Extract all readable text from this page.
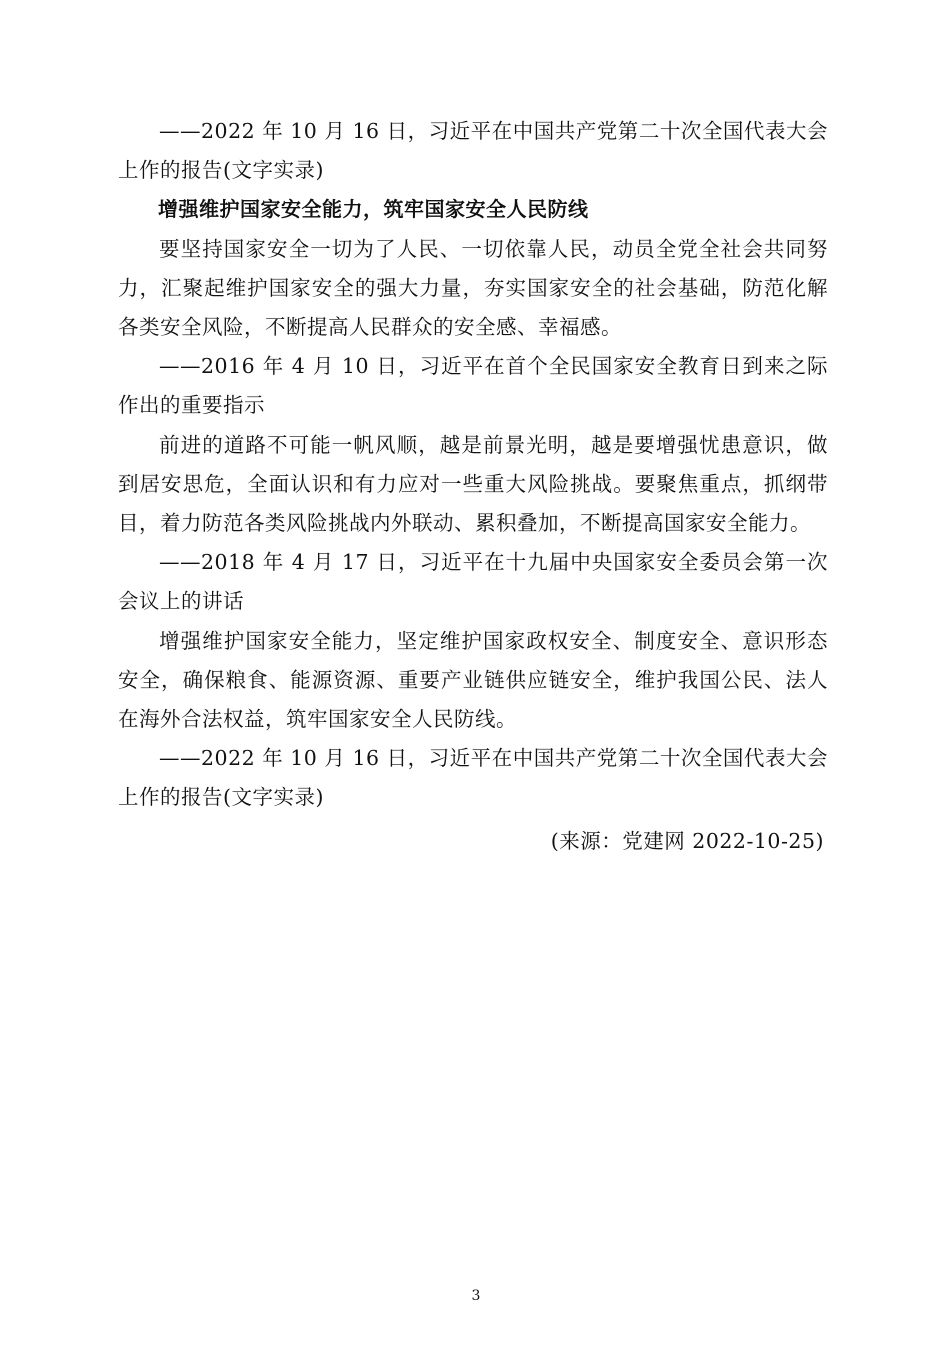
——2022 年 10 月 16 日，习近平在中国共产党第二十次全国代表大会上作的报告(文字实录)

增强维护国家安全能力，筑牢国家安全人民防线

要坚持国家安全一切为了人民、一切依靠人民，动员全党全社会共同努力，汇聚起维护国家安全的强大力量，夯实国家安全的社会基础，防范化解各类安全风险，不断提高人民群众的安全感、幸福感。

——2016 年 4 月 10 日，习近平在首个全民国家安全教育日到来之际作出的重要指示

前进的道路不可能一帆风顺，越是前景光明，越是要增强忧患意识，做到居安思危，全面认识和有力应对一些重大风险挑战。要聚焦重点，抓纲带目，着力防范各类风险挑战内外联动、累积叠加，不断提高国家安全能力。

——2018 年 4 月 17 日，习近平在十九届中央国家安全委员会第一次会议上的讲话

增强维护国家安全能力，坚定维护国家政权安全、制度安全、意识形态安全，确保粮食、能源资源、重要产业链供应链安全，维护我国公民、法人在海外合法权益，筑牢国家安全人民防线。

——2022 年 10 月 16 日，习近平在中国共产党第二十次全国代表大会上作的报告(文字实录)

(来源：党建网 2022-10-25)

3
